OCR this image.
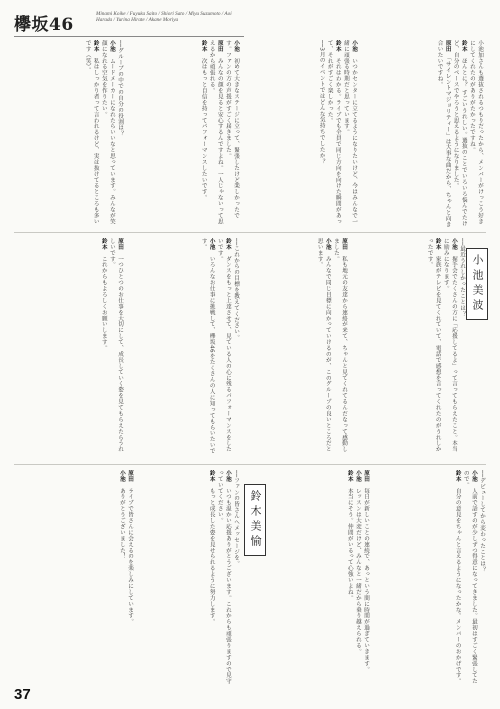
欅坂46
Minami Koike / Fuyuka Saito / Shiori Sato / Miyu Suzumoto / Aoi Harada / Yurina Hirate / Akane Moriya

──グループの中での自分の役割は？

小池　ムードメーカーになれたらいいなと思っています。みんなが笑顔になれる空気を作りたい。

鈴本　私はしっかり者って言われるけど、実は抜けてるところも多いです（笑）。	小池　初めて大きなステージに立って、緊張したけど楽しかったです。ファンの方の声援がすごく届きました。

原田　みんなの顔を見ると安心するんですよね。一人じゃないって思えるから頑張れる。

鈴本　次はもっと自信を持ってパフォーマンスしたいです。

小池　いつかセンターに立てるようになりたいけど、今はみんなで一緒に頑張る時期だと思っています。

鈴本　それはわかる。ライブでも全員で同じ方向を向けた瞬間があって、それがすごく楽しかった。

──3月のイベントではどんな気持ちでしたか？	小池加さんも選抜されるつもりだったから、メンバーがけっこう好きにしてくれたのがありがたかったですね。

鈴本　ほんとに？ すごいうれしい。選抜のことでいろいろ悩んでたけど、自分のペースでやろうと思えるようになりました。

原田　「サイレントマジョリティー」は大事な曲だから、ちゃんと向き合いたいですね。

原田　一つひとつのお仕事を大切にして、成長していく姿を見てもらえたらうれしいです。

鈴本　これからもよろしくお願いします。	──これからの目標を教えてください。

鈴本　ダンスをもっと上達させて、見ている人の心に残るパフォーマンスをしたいです。

小池　いろんなお仕事に挑戦して、欅坂46をたくさんの人に知ってもらいたいです。	原田　私も地元の友達から連絡が来て、ちゃんと見てくれてるんだなって感動しました。

小池　みんなで同じ目標に向かっていけるのが、このグループの良いところだと思います。	──最近うれしかったことは？

小池　握手会でたくさんの方に「応援してるよ」って言ってもらえたこと。本当に励みになります。

鈴本　家族がテレビを見てくれていて、電話で感想を言ってくれたのがうれしかったです。

小池美波

原田　ライブで皆さんに会えるのを楽しみにしています。

小池　ありがとうございました！	──ファンの皆さんへメッセージを。

小池　いつも温かい応援ありがとうございます。これからも頑張りますので見守っていてください。

鈴本　もっと成長した姿を見せられるように努力します。

原田　毎日が新しいことの連続で、あっという間に時間が過ぎていきます。

小池　レッスンは大変だけど、みんなと一緒だから乗り越えられる。

鈴本　本当にそう。仲間がいるって心強いよね。	──デビューしてから変わったことは？

小池　人前で話すのが少しずつ得意になってきました。最初はすごく緊張してたので。

鈴本　自分の意見をちゃんと言えるようになったかな。メンバーのおかげです。

鈴木美愉
37
